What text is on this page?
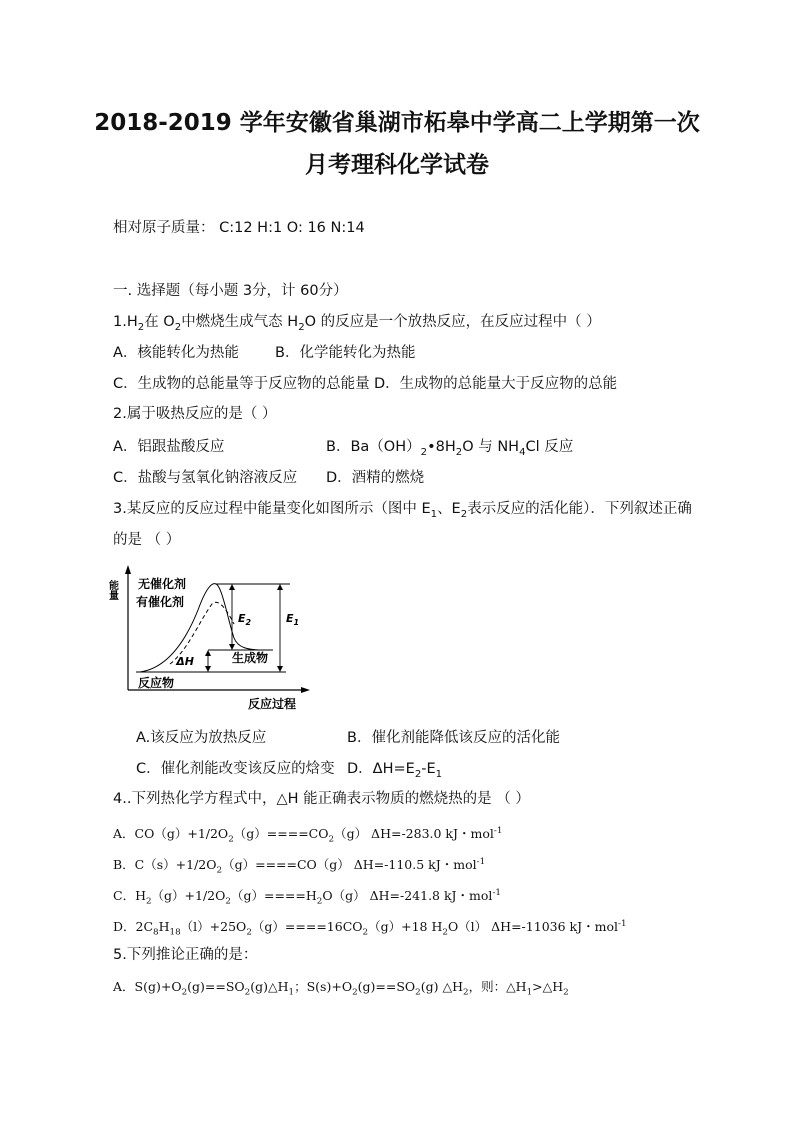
2018-2019 学年安徽省巢湖市柘皋中学高二上学期第一次
月考理科化学试卷
相对原子质量： C:12 H:1 O: 16 N:14
一. 选择题（每小题 3分，计 60分）
$1.H_2$在 $O_2$中燃烧生成气态 $H_2O$ 的反应是一个放热反应，在反应过程中（ ）
A．核能转化为热能 B．化学能转化为热能
C．生成物的总能量等于反应物的总能量 D．生成物的总能量大于反应物的总能
2.属于吸热反应的是（ ）
A．铝跟盐酸反应	B．$Ba(OH)_2•8H_2O$ 与 $NH_4Cl$ 反应
C．盐酸与氢氧化钠溶液反应 D．酒精的燃烧
3.某反应的反应过程中能量变化如图所示（图中 $E_1$、$E_2$表示反应的活化能）．下列叙述正确
的是 （ ）
能量 无催化剂
有催化剂
$E_2$	$E_1$
ΔH	生成物
反应物
反应过程
A.该反应为放热反应	B．催化剂能降低该反应的活化能
C．催化剂能改变该反应的焓变 D．$\Delta H=E_2-E_1$
4..下列热化学方程式中，△H 能正确表示物质的燃烧热的是 （ ）
A．$CO(g)+1/2O_2(g)====CO_2(g)$ ΔH=-283.0 kJ・mol$^{-1}$
B．$C(s)+1/2O_2(g)====CO(g)$ ΔH=-110.5 kJ・mol$^{-1}$
C．$H_2(g)+1/2O_2(g)====H_2O(g)$ ΔH=-241.8 kJ・mol$^{-1}$
D．$2C_8H_{18}(l)+25O_2(g)====16CO_2(g)+18$ $H_2O(l)$ ΔH=-11036 kJ・mol$^{-1}$
5.下列推论正确的是：
A．$S(g)+O_2(g)==SO_2(g)\triangle H_1$；$S(s)+O_2(g)==SO_2(g)$ $\triangle H_2$，则：$\triangle H_1>\triangle H_2$
